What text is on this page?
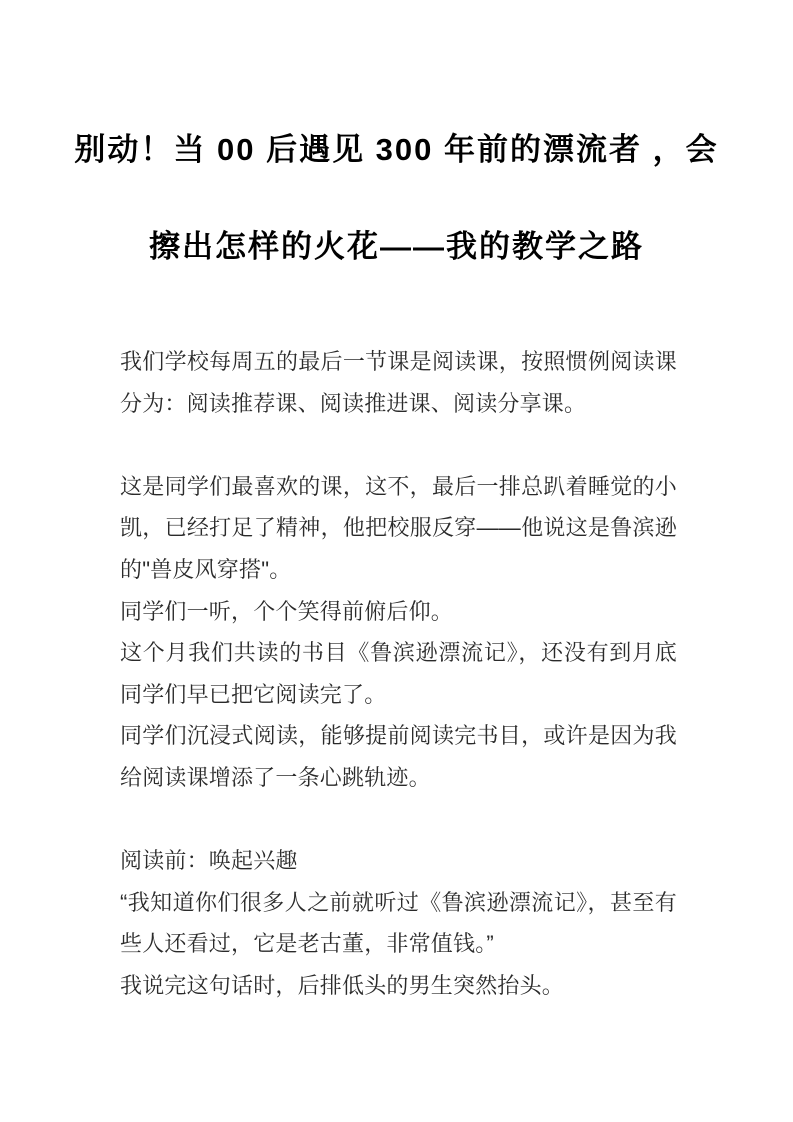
别动！当 00 后遇见 300 年前的漂流者 ，会
擦出怎样的火花——我的教学之路

我们学校每周五的最后一节课是阅读课，按照惯例阅读课分为：阅读推荐课、阅读推进课、阅读分享课。

这是同学们最喜欢的课，这不，最后一排总趴着睡觉的小凯，已经打足了精神，他把校服反穿——他说这是鲁滨逊的"兽皮风穿搭"。

同学们一听，个个笑得前俯后仰。

这个月我们共读的书目《鲁滨逊漂流记》，还没有到月底同学们早已把它阅读完了。

同学们沉浸式阅读，能够提前阅读完书目，或许是因为我给阅读课增添了一条心跳轨迹。

阅读前：唤起兴趣

“我知道你们很多人之前就听过《鲁滨逊漂流记》，甚至有些人还看过，它是老古董，非常值钱。”

我说完这句话时，后排低头的男生突然抬头。
